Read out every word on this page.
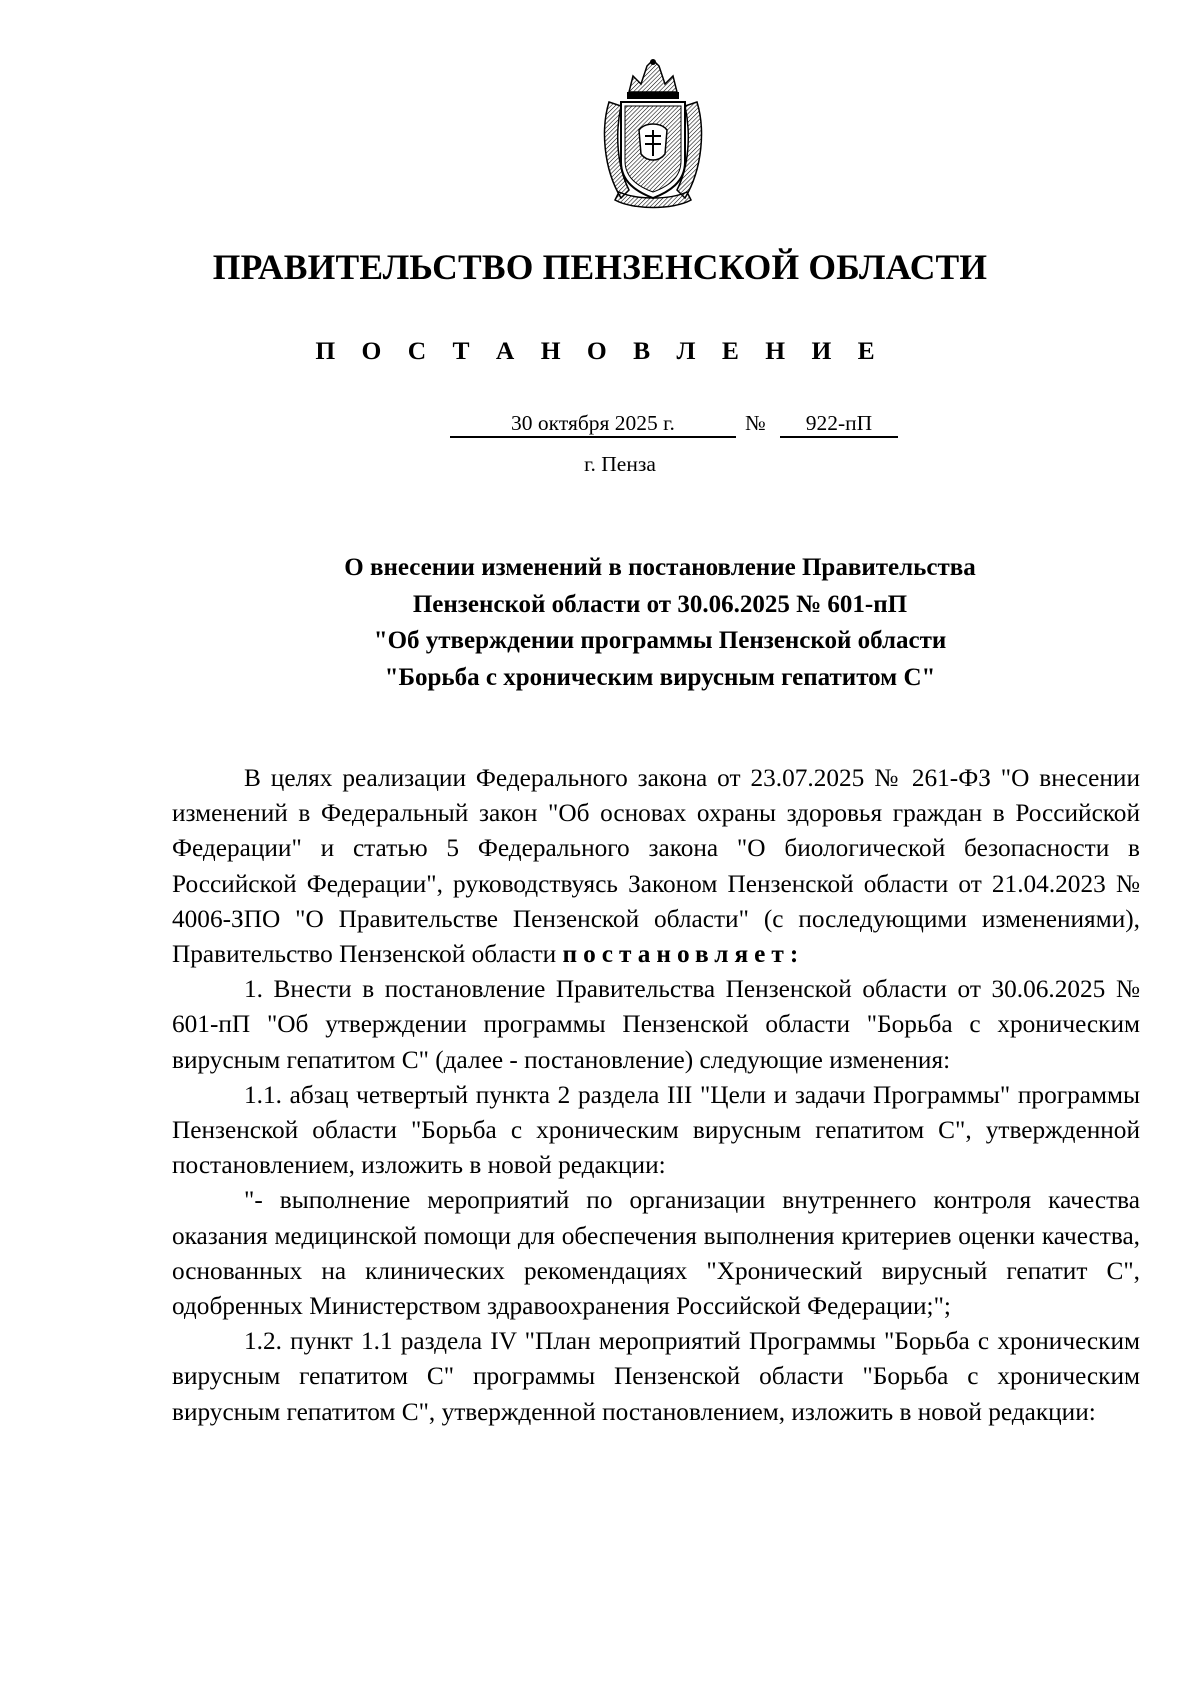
ПРАВИТЕЛЬСТВО ПЕНЗЕНСКОЙ ОБЛАСТИ
П О С Т А Н О В Л Е Н И Е
30 октября 2025 г.	№	922-пП
г. Пенза
О внесении изменений в постановление Правительства
Пензенской области от 30.06.2025 № 601-пП
"Об утверждении программы Пензенской области
"Борьба с хроническим вирусным гепатитом С"

В целях реализации Федерального закона от 23.07.2025 № 261-ФЗ "О внесении изменений в Федеральный закон "Об основах охраны здоровья граждан в Российской Федерации" и статью 5 Федерального закона "О биологической безопасности в Российской Федерации", руководствуясь Законом Пензенской области от 21.04.2023 № 4006-ЗПО "О Правительстве Пензенской области" (с последующими изменениями), Правительство Пензенской области постановляет:

1. Внести в постановление Правительства Пензенской области от 30.06.2025 № 601-пП "Об утверждении программы Пензенской области "Борьба с хроническим вирусным гепатитом С" (далее - постановление) следующие изменения:

1.1. абзац четвертый пункта 2 раздела III "Цели и задачи Программы" программы Пензенской области "Борьба с хроническим вирусным гепатитом С", утвержденной постановлением, изложить в новой редакции:

"- выполнение мероприятий по организации внутреннего контроля качества оказания медицинской помощи для обеспечения выполнения критериев оценки качества, основанных на клинических рекомендациях "Хронический вирусный гепатит С", одобренных Министерством здравоохранения Российской Федерации;";

1.2. пункт 1.1 раздела IV "План мероприятий Программы "Борьба с хроническим вирусным гепатитом С" программы Пензенской области "Борьба с хроническим вирусным гепатитом С", утвержденной постановлением, изложить в новой редакции:
